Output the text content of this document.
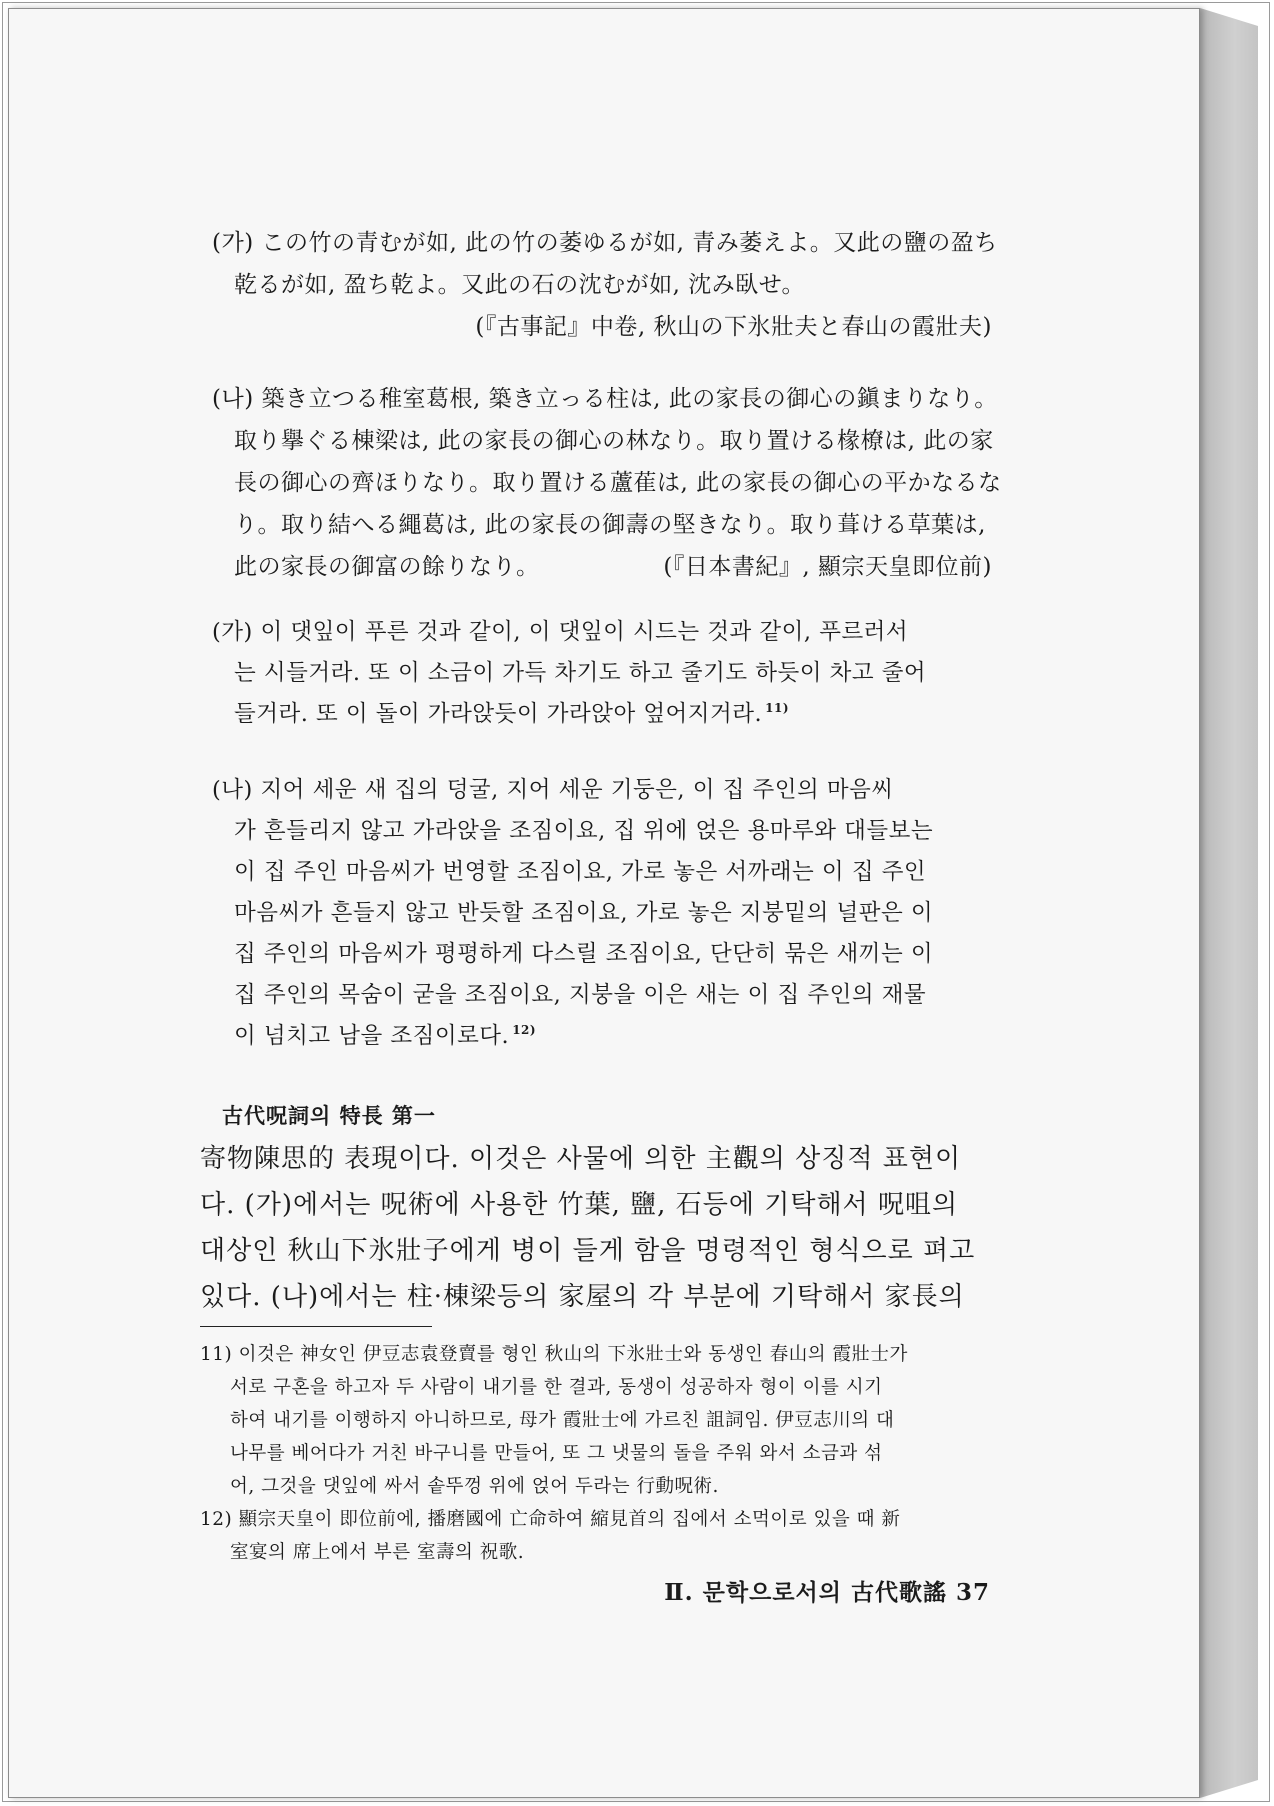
(가) この竹の青むが如, 此の竹の萎ゆるが如, 青み萎えよ。又此の鹽の盈ち
乾るが如, 盈ち乾よ。又此の石の沈むが如, 沈み臥せ。
(『古事記』中卷, 秋山の下氷壯夫と春山の霞壯夫)
(나) 築き立つる稚室葛根, 築き立っる柱は, 此の家長の御心の鎭まりなり。
取り擧ぐる棟梁は, 此の家長の御心の林なり。取り置ける椽橑は, 此の家
長の御心の齊ほりなり。取り置ける蘆萑は, 此の家長の御心の平かなるな
り。取り結へる繩葛は, 此の家長の御壽の堅きなり。取り葺ける草葉は,
此の家長の御富の餘りなり。	(『日本書紀』, 顯宗天皇即位前)
(가) 이 댓잎이 푸른 것과 같이, 이 댓잎이 시드는 것과 같이, 푸르러서
는 시들거라. 또 이 소금이 가득 차기도 하고 줄기도 하듯이 차고 줄어
들거라. 또 이 돌이 가라앉듯이 가라앉아 엎어지거라. $^{11)}$
(나) 지어 세운 새 집의 덩굴, 지어 세운 기둥은, 이 집 주인의 마음씨
가 흔들리지 않고 가라앉을 조짐이요, 집 위에 얹은 용마루와 대들보는
이 집 주인 마음씨가 번영할 조짐이요, 가로 놓은 서까래는 이 집 주인
마음씨가 흔들지 않고 반듯할 조짐이요, 가로 놓은 지붕밑의 널판은 이
집 주인의 마음씨가 평평하게 다스릴 조짐이요, 단단히 묶은 새끼는 이
집 주인의 목숨이 굳을 조짐이요, 지붕을 이은 새는 이 집 주인의 재물
이 넘치고 남을 조짐이로다. $^{12)}$
古代呪詞의 特長 第一
寄物陳思的 表現이다. 이것은 사물에 의한 主觀의 상징적 표현이
다. (가)에서는 呪術에 사용한 竹葉, 鹽, 石등에 기탁해서 呪咀의
대상인 秋山下氷壯子에게 병이 들게 함을 명령적인 형식으로 펴고
있다. (나)에서는 柱·棟梁등의 家屋의 각 부분에 기탁해서 家長의
11) 이것은 神女인 伊豆志袁登賣를 형인 秋山의 下氷壯士와 동생인 春山의 霞壯士가
서로 구혼을 하고자 두 사람이 내기를 한 결과, 동생이 성공하자 형이 이를 시기
하여 내기를 이행하지 아니하므로, 母가 霞壯士에 가르친 詛詞임. 伊豆志川의 대
나무를 베어다가 거친 바구니를 만들어, 또 그 냇물의 돌을 주워 와서 소금과 섞
어, 그것을 댓잎에 싸서 솥뚜껑 위에 얹어 두라는 行動呪術.
12) 顯宗天皇이 即位前에, 播磨國에 亡命하여 縮見首의 집에서 소먹이로 있을 때 新
室宴의 席上에서 부른 室壽의 祝歌.
Ⅱ. 문학으로서의 古代歌謠 37
